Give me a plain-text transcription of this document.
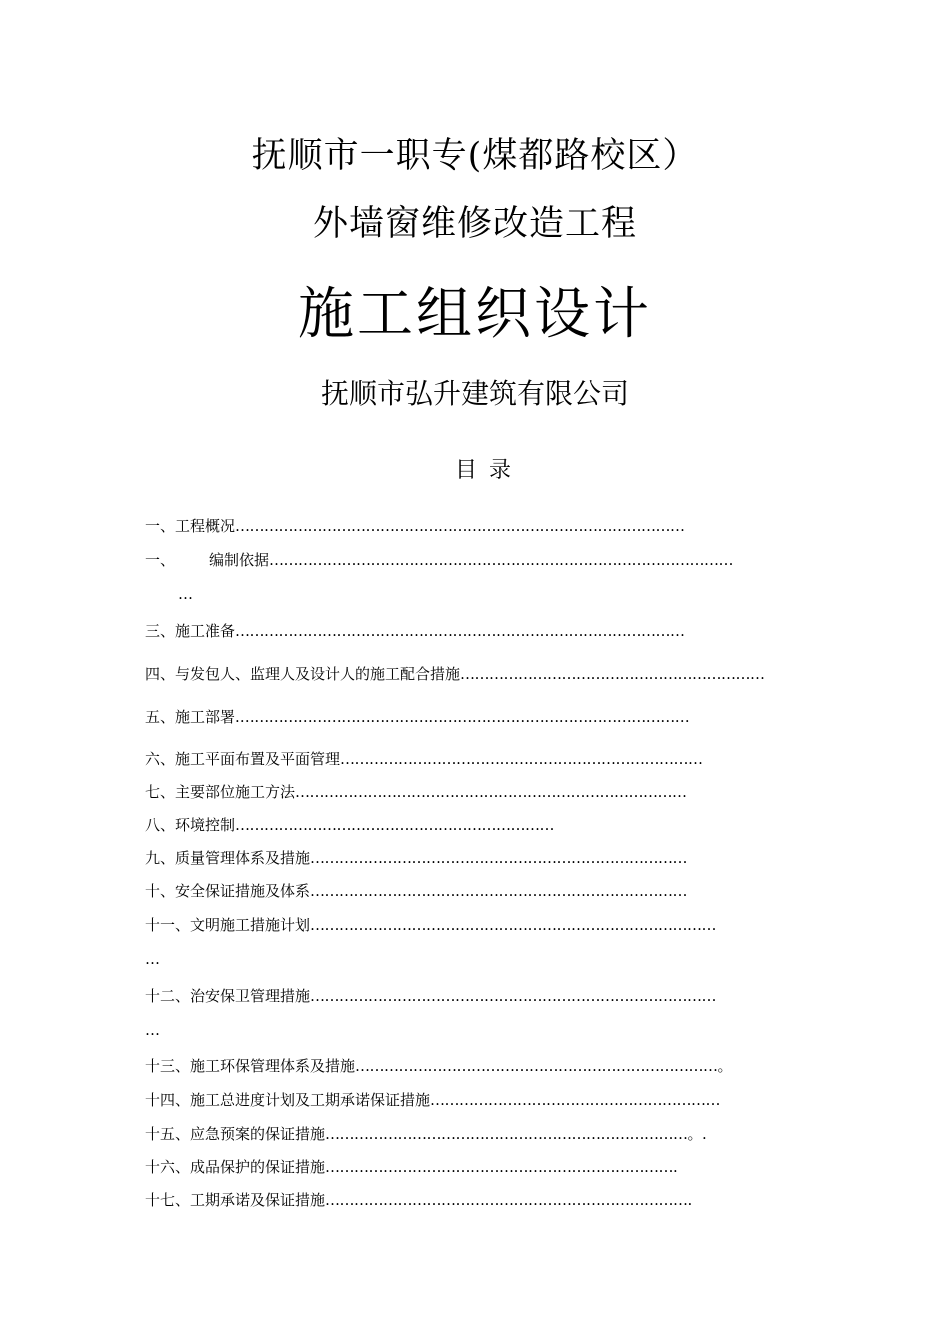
抚顺市一职专(煤都路校区）
外墙窗维修改造工程
施工组织设计
抚顺市弘升建筑有限公司
目录
一、工程概况…………………………………………………………………………………
一、 编制依据……………………………………………………………………………………
…
三、施工准备…………………………………………………………………………………
四、与发包人、监理人及设计人的施工配合措施………………………………………………………
五、施工部署.…………………………………………………………………………………
六、施工平面布置及平面管理…………………………………………………………………
七、主要部位施工方法………………………………………………………………………
八、环境控制…………………………………………………………
九、质量管理体系及措施……………………………………………………………………
十、安全保证措施及体系……………………………………………………………………
十一、文明施工措施计划…………………………………………………………………………
…
十二、治安保卫管理措施…………………………………………………………………………
…
十三、施工环保管理体系及措施…………………………………………………………………。
十四、施工总进度计划及工期承诺保证措施……………………………………………………
十五、应急预案的保证措施…………………………………………………………………。.
十六、成品保护的保证措施……………………………………………………………….
十七、工期承诺及保证措施………………………………………………………………….
